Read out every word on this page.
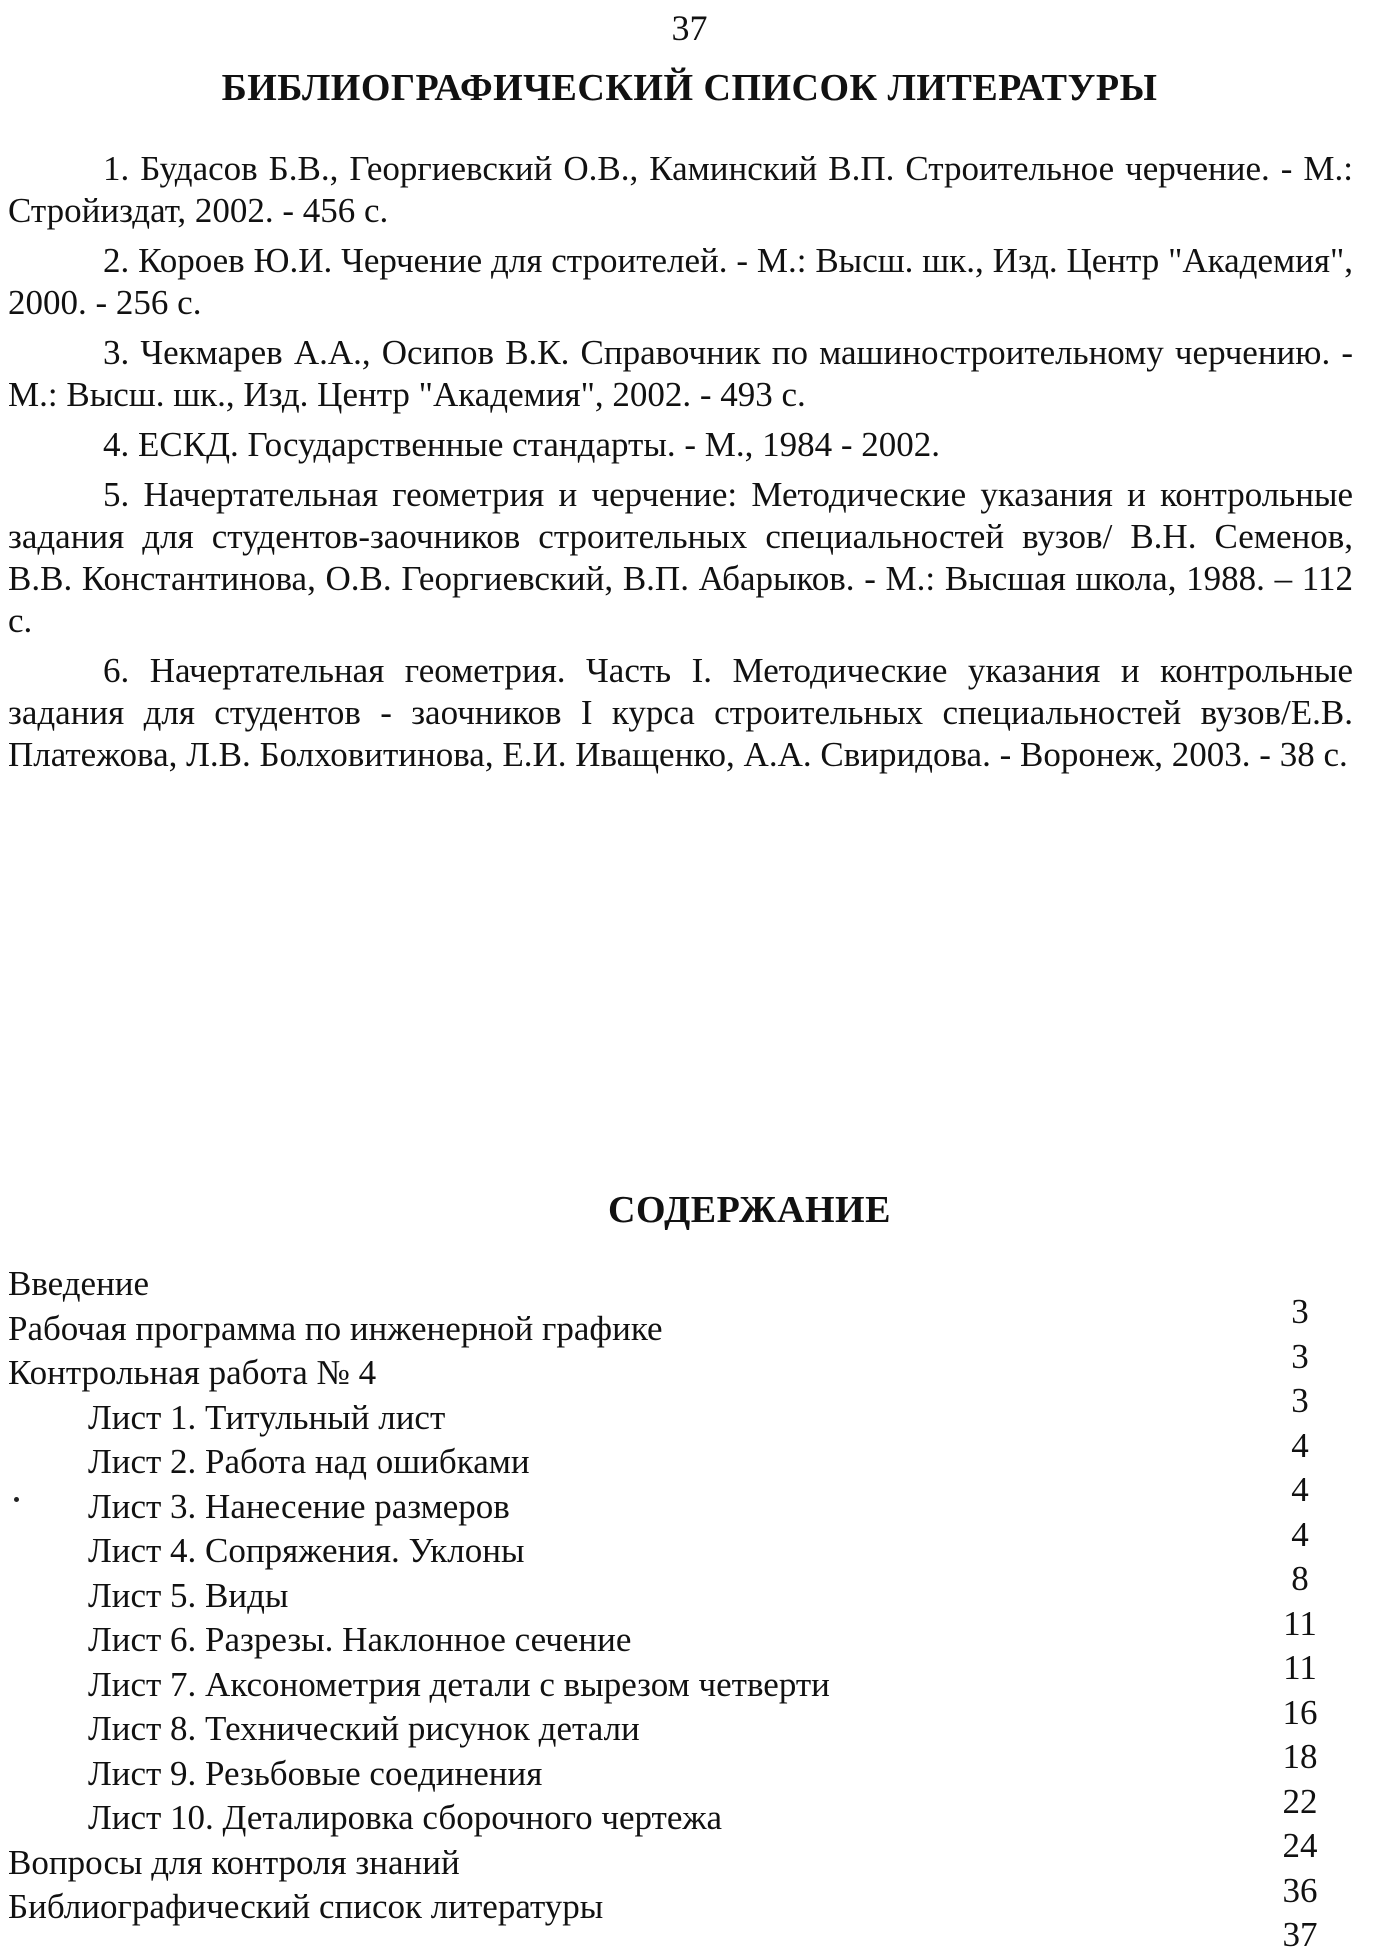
37
БИБЛИОГРАФИЧЕСКИЙ СПИСОК ЛИТЕРАТУРЫ

1. Будасов Б.В., Георгиевский О.В., Каминский В.П. Строительное черчение. - М.: Стройиздат, 2002. - 456 с.

2. Короев Ю.И. Черчение для строителей. - М.: Высш. шк., Изд. Центр "Академия", 2000. - 256 с.

3. Чекмарев А.А., Осипов В.К. Справочник по машиностроительному черчению. - М.: Высш. шк., Изд. Центр "Академия", 2002. - 493 с.

4. ЕСКД. Государственные стандарты. - М., 1984 - 2002.

5. Начертательная геометрия и черчение: Методические указания и контрольные задания для студентов-заочников строительных специальностей вузов/ В.Н. Семенов, В.В. Константинова, О.В. Георгиевский, В.П. Абарыков. - М.: Высшая школа, 1988. – 112 с.

6. Начертательная геометрия. Часть I. Методические указания и контрольные задания для студентов - заочников I курса строительных специальностей вузов/Е.В. Платежова, Л.В. Болховитинова, Е.И. Иващенко, А.А. Свиридова. - Воронеж, 2003. - 38 с.

СОДЕРЖАНИЕ
Введение
3
Рабочая программа по инженерной графике
3
Контрольная работа № 4
3
Лист 1. Титульный лист
4
Лист 2. Работа над ошибками
4
Лист 3. Нанесение размеров
4
Лист 4. Сопряжения. Уклоны
8
Лист 5. Виды
11
Лист 6. Разрезы. Наклонное сечение
11
Лист 7. Аксонометрия детали с вырезом четверти
16
Лист 8. Технический рисунок детали
18
Лист 9. Резьбовые соединения
22
Лист 10. Деталировка сборочного чертежа
24
Вопросы для контроля знаний
36
Библиографический список литературы
37
